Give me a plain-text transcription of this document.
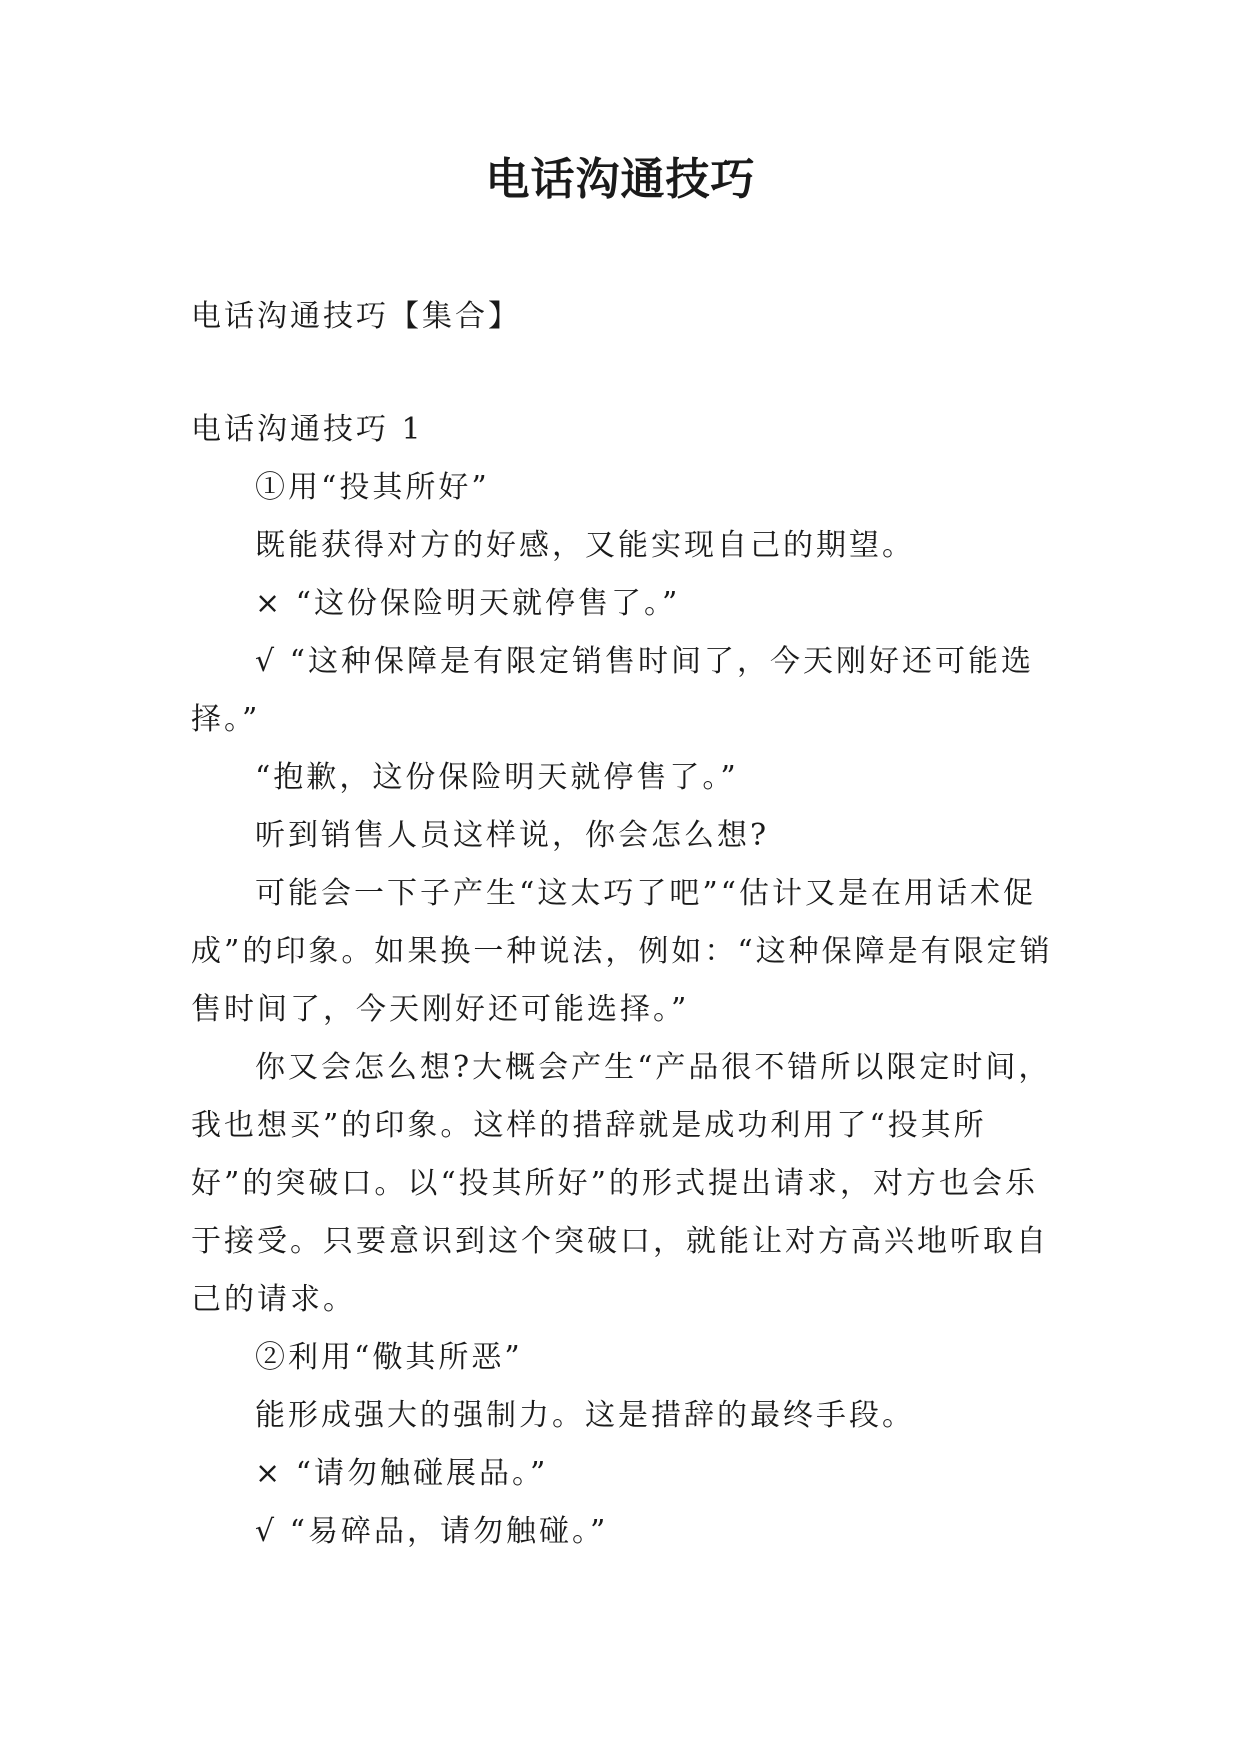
电话沟通技巧
电话沟通技巧【集合】

电话沟通技巧 1

①用“投其所好”

既能获得对方的好感，又能实现自己的期望。

× “这份保险明天就停售了。”

√ “这种保障是有限定销售时间了，今天刚好还可能选择。”

“抱歉，这份保险明天就停售了。”

听到销售人员这样说，你会怎么想?

可能会一下子产生“这太巧了吧”“估计又是在用话术促成”的印象。如果换一种说法，例如：“这种保障是有限定销售时间了，今天刚好还可能选择。”

你又会怎么想?大概会产生“产品很不错所以限定时间，我也想买”的印象。这样的措辞就是成功利用了“投其所好”的突破口。以“投其所好”的形式提出请求，对方也会乐于接受。只要意识到这个突破口，就能让对方高兴地听取自己的请求。

②利用“儆其所恶”

能形成强大的强制力。这是措辞的最终手段。

× “请勿触碰展品。”

√ “易碎品，请勿触碰。”
